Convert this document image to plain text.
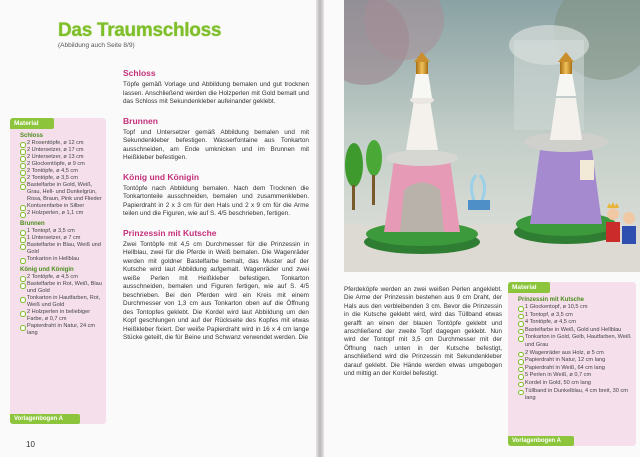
Das Traumschloss
(Abbildung auch Seite 8/9)
Material
Schloss
2 Rosentöpfe, ø 12 cm
2 Untersetzer, ø 17 cm
2 Untersetzer, ø 13 cm
2 Glockentöpfe, ø 9 cm
2 Tontöpfe, ø 4,5 cm
2 Tontöpfe, ø 3,5 cm
Bastelfarbe in Gold, Weiß, Grau, Hell- und Dunkelgrün, Rosa, Braun, Pink und Flieder
Konturenfarbe in Silber
2 Holzperlen, ø 1,1 cm
Brunnen
1 Tontopf, ø 3,5 cm
1 Untersetzer, ø 7 cm
Bastelfarbe in Blau, Weiß und Gold
Tonkarton in Hellblau
König und Königin
2 Tontöpfe, ø 4,5 cm
Bastelfarbe in Rot, Weiß, Blau und Gold
Tonkarton in Hautfarben, Rot, Weiß und Gold
2 Holzperlen in beliebiger Farbe, ø 0,7 cm
Papierdraht in Natur, 24 cm lang
Vorlagenbogen A
Schloss
Töpfe gemäß Vorlage und Abbildung bemalen und gut trocknen lassen. Anschließend werden die Holzperlen mit Gold bemalt und das Schloss mit Sekundenkleber aufeinander geklebt.
Brunnen
Topf und Untersetzer gemäß Abbildung bemalen und mit Sekundenkleber befestigen. Wasserfontaine aus Tonkarton ausschneiden, am Ende umknicken und im Brunnen mit Heißkleber befestigen.
König und Königin
Tontöpfe nach Abbildung bemalen. Nach dem Trocknen die Tonkartonteile ausschneiden, bemalen und zusammenkleben. Papierdraht in 2 x 3 cm für den Hals und 2 x 9 cm für die Arme teilen und die Figuren, wie auf S. 4/5 beschrieben, fertigen.
Prinzessin mit Kutsche
Zwei Tontöpfe mit 4,5 cm Durchmesser für die Prinzessin in Hellblau, zwei für die Pferde in Weiß bemalen. Die Wagenräder werden mit goldner Bastelfarbe bemalt, das Muster auf der Kutsche wird laut Abbildung aufgemalt. Wagenräder und zwei weiße Perlen mit Heißkleber befestigen. Tonkarton ausschneiden, bemalen und Figuren fertigen, wie auf S. 4/5 beschrieben. Bei den Pferden wird ein Kreis mit einem Durchmesser von 1,3 cm aus Tonkarton oben auf die Öffnung des Tontopfes geklebt. Die Kordel wird laut Abbildung um den Kopf geschlungen und auf der Rückseite des Kopfes mit etwas Heißkleber fixiert. Der weiße Papierdraht wird in 16 x 4 cm lange Stücke geteilt, die für Beine und Schwanz verwendet werden. Die
10
Pferdeköpfe werden an zwei weißen Perlen angeklebt. Die Arme der Prinzessin bestehen aus 9 cm Draht, der Hals aus den verbleibenden 3 cm. Bevor die Prinzessin in die Kutsche geklebt wird, wird das Tüllband etwas gerafft an einen der blauen Tontöpfe geklebt und anschließend der zweite Topf dagegen geklebt. Nun wird der Tontopf mit 3,5 cm Durchmesser mit der Öffnung nach unten in der Kutsche befestigt, anschließend wird die Prinzessin mit Sekundenkleber darauf geklebt. Die Hände werden etwas umgebogen und mittig an der Kordel befestigt.
Material
Prinzessin mit Kutsche
1 Glockentopf, ø 10,5 cm
1 Tontopf, ø 3,5 cm
4 Tontöpfe, ø 4,5 cm
Bastelfarbe in Weiß, Gold und Hellblau
Tonkarton in Gold, Gelb, Hautfarben, Weiß und Grau
2 Wagenräder aus Holz, ø 5 cm
Papierdraht in Natur, 12 cm lang
Papierdraht in Weiß, 64 cm lang
5 Perlen in Weiß, ø 0,7 cm
Kordel in Gold, 50 cm lang
Tüllband in Dunkelblau, 4 cm breit, 30 cm lang
Vorlagenbogen A
